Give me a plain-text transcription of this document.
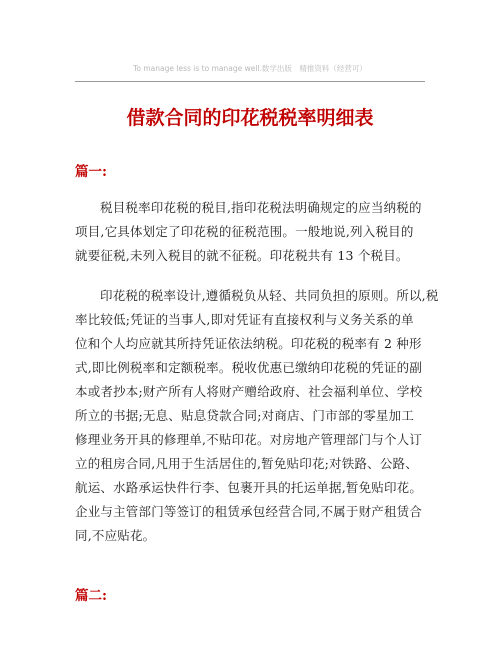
To manage less is to manage well.数学出版　精推资料（经营可）
借款合同的印花税税率明细表
篇一:
税目税率印花税的税目,指印花税法明确规定的应当纳税的
项目,它具体划定了印花税的征税范围。一般地说,列入税目的
就要征税,未列入税目的就不征税。印花税共有 13 个税目。
印花税的税率设计,遵循税负从轻、共同负担的原则。所以,税
率比较低;凭证的当事人,即对凭证有直接权利与义务关系的单
位和个人均应就其所持凭证依法纳税。印花税的税率有 2 种形
式,即比例税率和定额税率。税收优惠已缴纳印花税的凭证的副
本或者抄本;财产所有人将财产赠给政府、社会福利单位、学校
所立的书据;无息、贴息贷款合同;对商店、门市部的零星加工
修理业务开具的修理单,不贴印花。对房地产管理部门与个人订
立的租房合同,凡用于生活居住的,暂免贴印花;对铁路、公路、
航运、水路承运快件行李、包裹开具的托运单据,暂免贴印花。
企业与主管部门等签订的租赁承包经营合同,不属于财产租赁合
同,不应贴花。
篇二:
